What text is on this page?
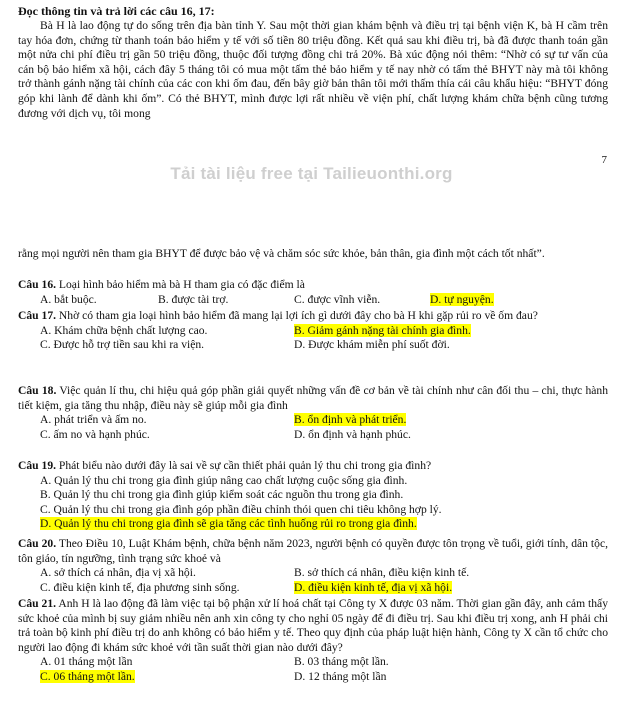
Đọc thông tin và trả lời các câu 16, 17:

Bà H là lao động tự do sống trên địa bàn tỉnh Y. Sau một thời gian khám bệnh và điều trị tại bệnh viện K, bà H cầm trên tay hóa đơn, chứng từ thanh toán bảo hiểm y tế với số tiền 80 triệu đồng. Kết quả sau khi điều trị, bà đã được thanh toán gần một nửa chi phí điều trị gần 50 triệu đồng, thuộc đối tượng đồng chi trả 20%. Bà xúc động nói thêm: “Nhờ có sự tư vấn của cán bộ bảo hiểm xã hội, cách đây 5 tháng tôi có mua một tấm thẻ bảo hiểm y tế nay nhờ có tấm thẻ BHYT này mà tôi không trở thành gánh nặng tài chính của các con khi ốm đau, đến bây giờ bản thân tôi mới thấm thía cái câu khẩu hiệu: “BHYT đóng góp khi lành để dành khi ốm”. Có thẻ BHYT, mình được lợi rất nhiều về viện phí, chất lượng khám chữa bệnh cũng tương đương với dịch vụ, tôi mong

7
Tải tài liệu free tại Tailieuonthi.org

rằng mọi người nên tham gia BHYT để được bảo vệ và chăm sóc sức khỏe, bản thân, gia đình một cách tốt nhất”.

Câu 16. Loại hình bảo hiểm mà bà H tham gia có đặc điểm là

A. bắt buộc.	B. được tài trợ.	C. được vĩnh viễn.	D. tự nguyện.

Câu 17. Nhờ có tham gia loại hình bảo hiểm đã mang lại lợi ích gì dưới đây cho bà H khi gặp rủi ro về ốm đau?

A. Khám chữa bệnh chất lượng cao.	B. Giảm gánh nặng tài chính gia đình.
C. Được hỗ trợ tiền sau khi ra viện.	D. Được khám miễn phí suốt đời.

Câu 18. Việc quản lí thu, chi hiệu quả góp phần giải quyết những vấn đề cơ bản về tài chính như cân đối thu – chi, thực hành tiết kiệm, gia tăng thu nhập, điều này sẽ giúp mỗi gia đình

A. phát triển và ấm no.	B. ổn định và phát triển.
C. ấm no và hạnh phúc.	D. ổn định và hạnh phúc.

Câu 19. Phát biểu nào dưới đây là sai về sự cần thiết phải quản lý thu chi trong gia đình?

A. Quản lý thu chi trong gia đình giúp nâng cao chất lượng cuộc sống gia đình.

B. Quản lý thu chi trong gia đình giúp kiểm soát các nguồn thu trong gia đình.

C. Quản lý thu chi trong gia đình góp phần điều chỉnh thói quen chi tiêu không hợp lý.

D. Quản lý thu chi trong gia đình sẽ gia tăng các tình huống rủi ro trong gia đình.

Câu 20. Theo Điều 10, Luật Khám bệnh, chữa bệnh năm 2023, người bệnh có quyền được tôn trọng về tuổi, giới tính, dân tộc, tôn giáo, tín ngưỡng, tình trạng sức khoẻ và

A. sở thích cá nhân, địa vị xã hội.	B. sở thích cá nhân, điều kiện kinh tế.
C. điều kiện kinh tế, địa phương sinh sống.	D. điều kiện kinh tế, địa vị xã hội.

Câu 21. Anh H là lao động đã làm việc tại bộ phận xử lí hoá chất tại Công ty X được 03 năm. Thời gian gần đây, anh cảm thấy sức khoẻ của mình bị suy giảm nhiều nên anh xin công ty cho nghỉ 05 ngày để đi điều trị. Sau khi điều trị xong, anh H phải chi trả toàn bộ kinh phí điều trị do anh không có bảo hiểm y tế. Theo quy định của pháp luật hiện hành, Công ty X cần tổ chức cho người lao động đi khám sức khoẻ với tần suất thời gian nào dưới đây?

A. 01 tháng một lần	B. 03 tháng một lần.
C. 06 tháng một lần.	D. 12 tháng một lần
